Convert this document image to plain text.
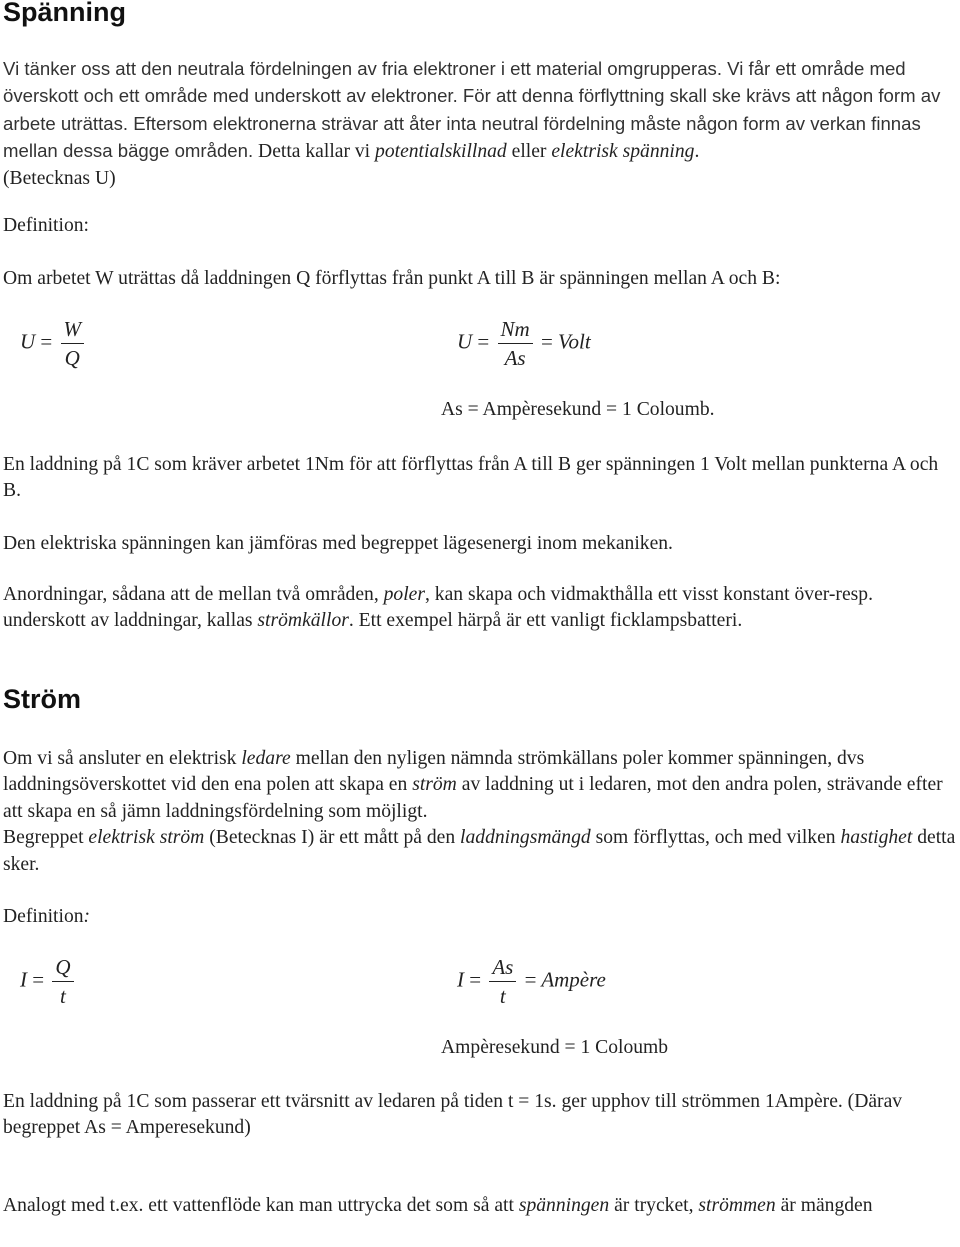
Spänning

Vi tänker oss att den neutrala fördelningen av fria elektroner i ett material omgrupperas. Vi får ett område med överskott och ett område med underskott av elektroner. För att denna förflyttning skall ske krävs att någon form av arbete uträttas. Eftersom elektronerna strävar att åter inta neutral fördelning måste någon form av verkan finnas mellan dessa bägge områden. Detta kallar vi potentialskillnad eller elektrisk spänning.
(Betecknas U)

Definition:

Om arbetet W uträttas då laddningen Q förflyttas från punkt A till B är spänningen mellan A och B:

$U = \frac{W}{Q}$	$U = \frac{Nm}{As}$ = Volt
As = Ampèresekund = 1 Coloumb.

En laddning på 1C som kräver arbetet 1Nm för att förflyttas från A till B ger spänningen 1 Volt mellan punkterna A och B.

Den elektriska spänningen kan jämföras med begreppet lägesenergi inom mekaniken.

Anordningar, sådana att de mellan två områden, poler, kan skapa och vidmakthålla ett visst konstant över-resp. underskott av laddningar, kallas strömkällor. Ett exempel härpå är ett vanligt ficklampsbatteri.

Ström

Om vi så ansluter en elektrisk ledare mellan den nyligen nämnda strömkällans poler kommer spänningen, dvs laddningsöverskottet vid den ena polen att skapa en ström av laddning ut i ledaren, mot den andra polen, strävande efter att skapa en så jämn laddningsfördelning som möjligt.
Begreppet elektrisk ström (Betecknas I) är ett mått på den laddningsmängd som förflyttas, och med vilken hastighet detta sker.

Definition:

$I = \frac{Q}{t}$	$I = \frac{As}{t}$ = Ampère
Ampèresekund = 1 Coloumb

En laddning på 1C som passerar ett tvärsnitt av ledaren på tiden t = 1s. ger upphov till strömmen 1Ampère. (Därav begreppet As = Amperesekund)

Analogt med t.ex. ett vattenflöde kan man uttrycka det som så att spänningen är trycket, strömmen är mängden
